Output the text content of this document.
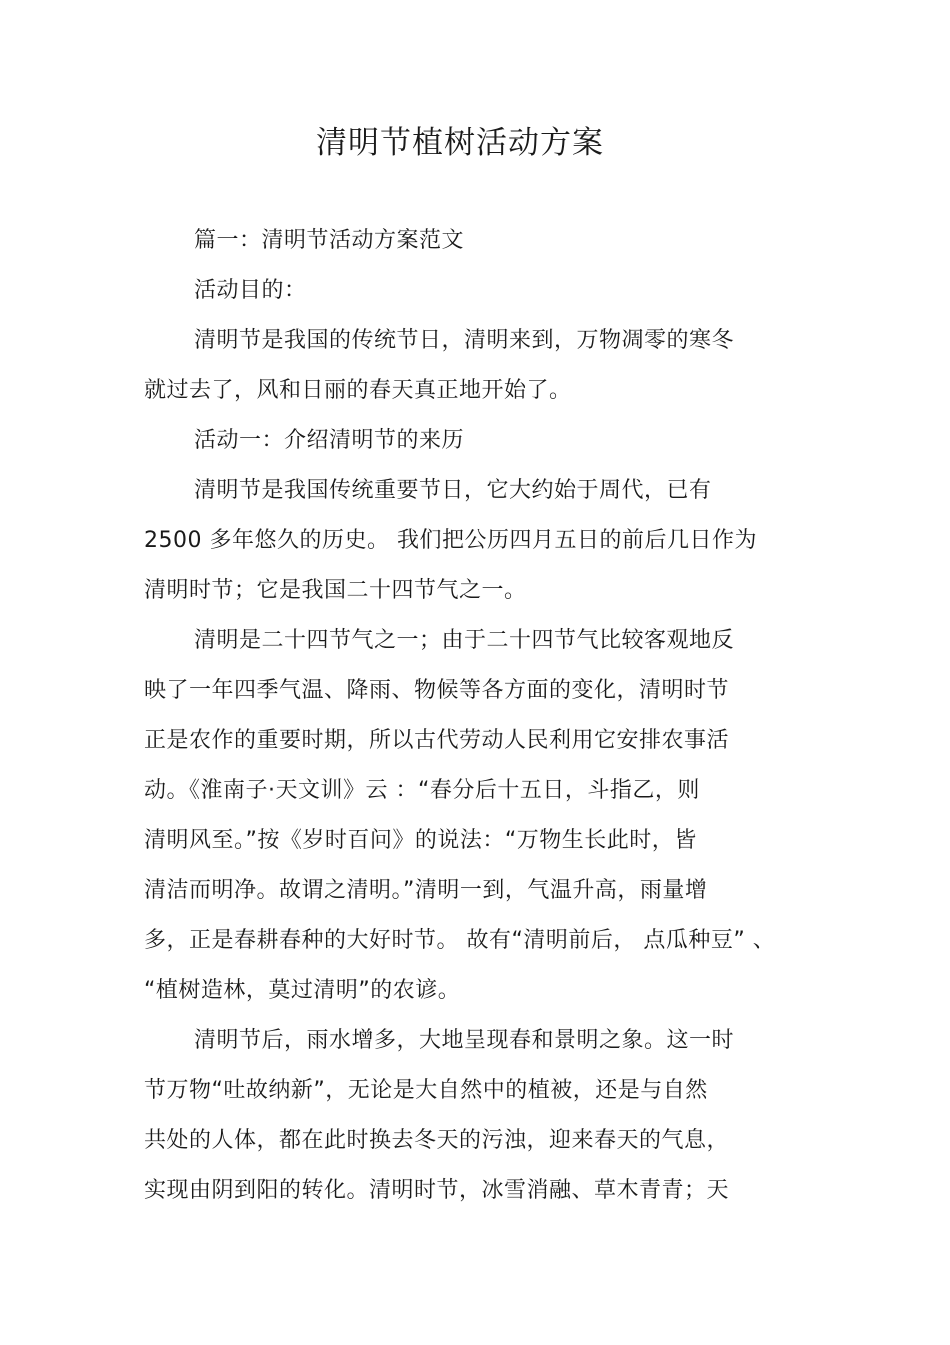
清明节植树活动方案
篇一：清明节活动方案范文
活动目的：
清明节是我国的传统节日，清明来到，万物凋零的寒冬
就过去了，风和日丽的春天真正地开始了。
活动一：介绍清明节的来历
清明节是我国传统重要节日，它大约始于周代，已有
2500 多年悠久的历史。 我们把公历四月五日的前后几日作为
清明时节；它是我国二十四节气之一。
清明是二十四节气之一；由于二十四节气比较客观地反
映了一年四季气温、降雨、物候等各方面的变化，清明时节
正是农作的重要时期，所以古代劳动人民利用它安排农事活
动。《淮南子·天文训》云 ：“春分后十五日，斗指乙，则
清明风至。”按《岁时百问》的说法：“万物生长此时，皆
清洁而明净。故谓之清明。”清明一到，气温升高，雨量增
多，正是春耕春种的大好时节。 故有“清明前后， 点瓜种豆” 、
“植树造林，莫过清明”的农谚。
清明节后，雨水增多，大地呈现春和景明之象。这一时
节万物“吐故纳新”，无论是大自然中的植被，还是与自然
共处的人体，都在此时换去冬天的污浊，迎来春天的气息，
实现由阴到阳的转化。清明时节，冰雪消融、草木青青；天
